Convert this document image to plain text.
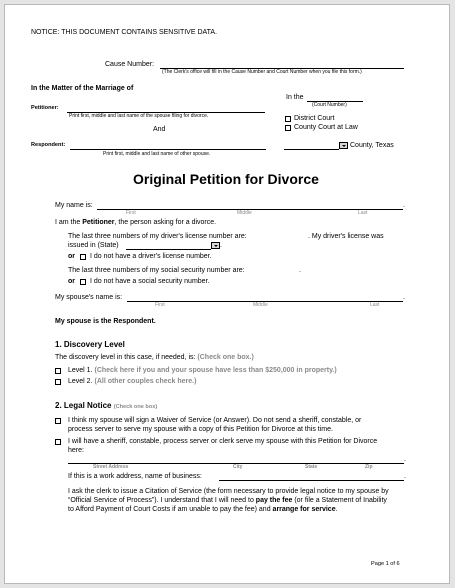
NOTICE: THIS DOCUMENT CONTAINS SENSITIVE DATA.
Cause Number:
(The Clerk's office will fill in the Cause Number and Court Number when you file this form.)
In the Matter of the Marriage of
In the
(Court Number)
Petitioner:
Print first, middle and last name of the spouse filing for divorce.	District Court
County Court at Law
And
Respondent:
Print first, middle and last name of other spouse.
County, Texas
Original Petition for Divorce
My name is:	.
First	Middle	Last
I am the Petitioner, the person asking for a divorce.
The last three numbers of my driver's license number are:	. My driver's license was
issued in (State)	.
or I do not have a driver's license number.
The last three numbers of my social security number are:	.
or I do not have a social security number.
My spouse's name is:	.
First	Middle	Last
My spouse is the Respondent.
1. Discovery Level
The discovery level in this case, if needed, is: (Check one box.)
Level 1. (Check here if you and your spouse have less than $250,000 in property.)
Level 2. (All other couples check here.)
2. Legal Notice (Check one box)
I think my spouse will sign a Waiver of Service (or Answer). Do not send a sheriff, constable, or
process server to serve my spouse with a copy of this Petition for Divorce at this time.
I will have a sheriff, constable, process server or clerk serve my spouse with this Petition for Divorce
here:
.
Street Address	City	State	Zip
If this is a work address, name of business:	.
I ask the clerk to issue a Citation of Service (the form necessary to provide legal notice to my spouse by
“Official Service of Process”). I understand that I will need to pay the fee (or file a Statement of Inability
to Afford Payment of Court Costs if am unable to pay the fee) and arrange for service.
Page 1 of 6
